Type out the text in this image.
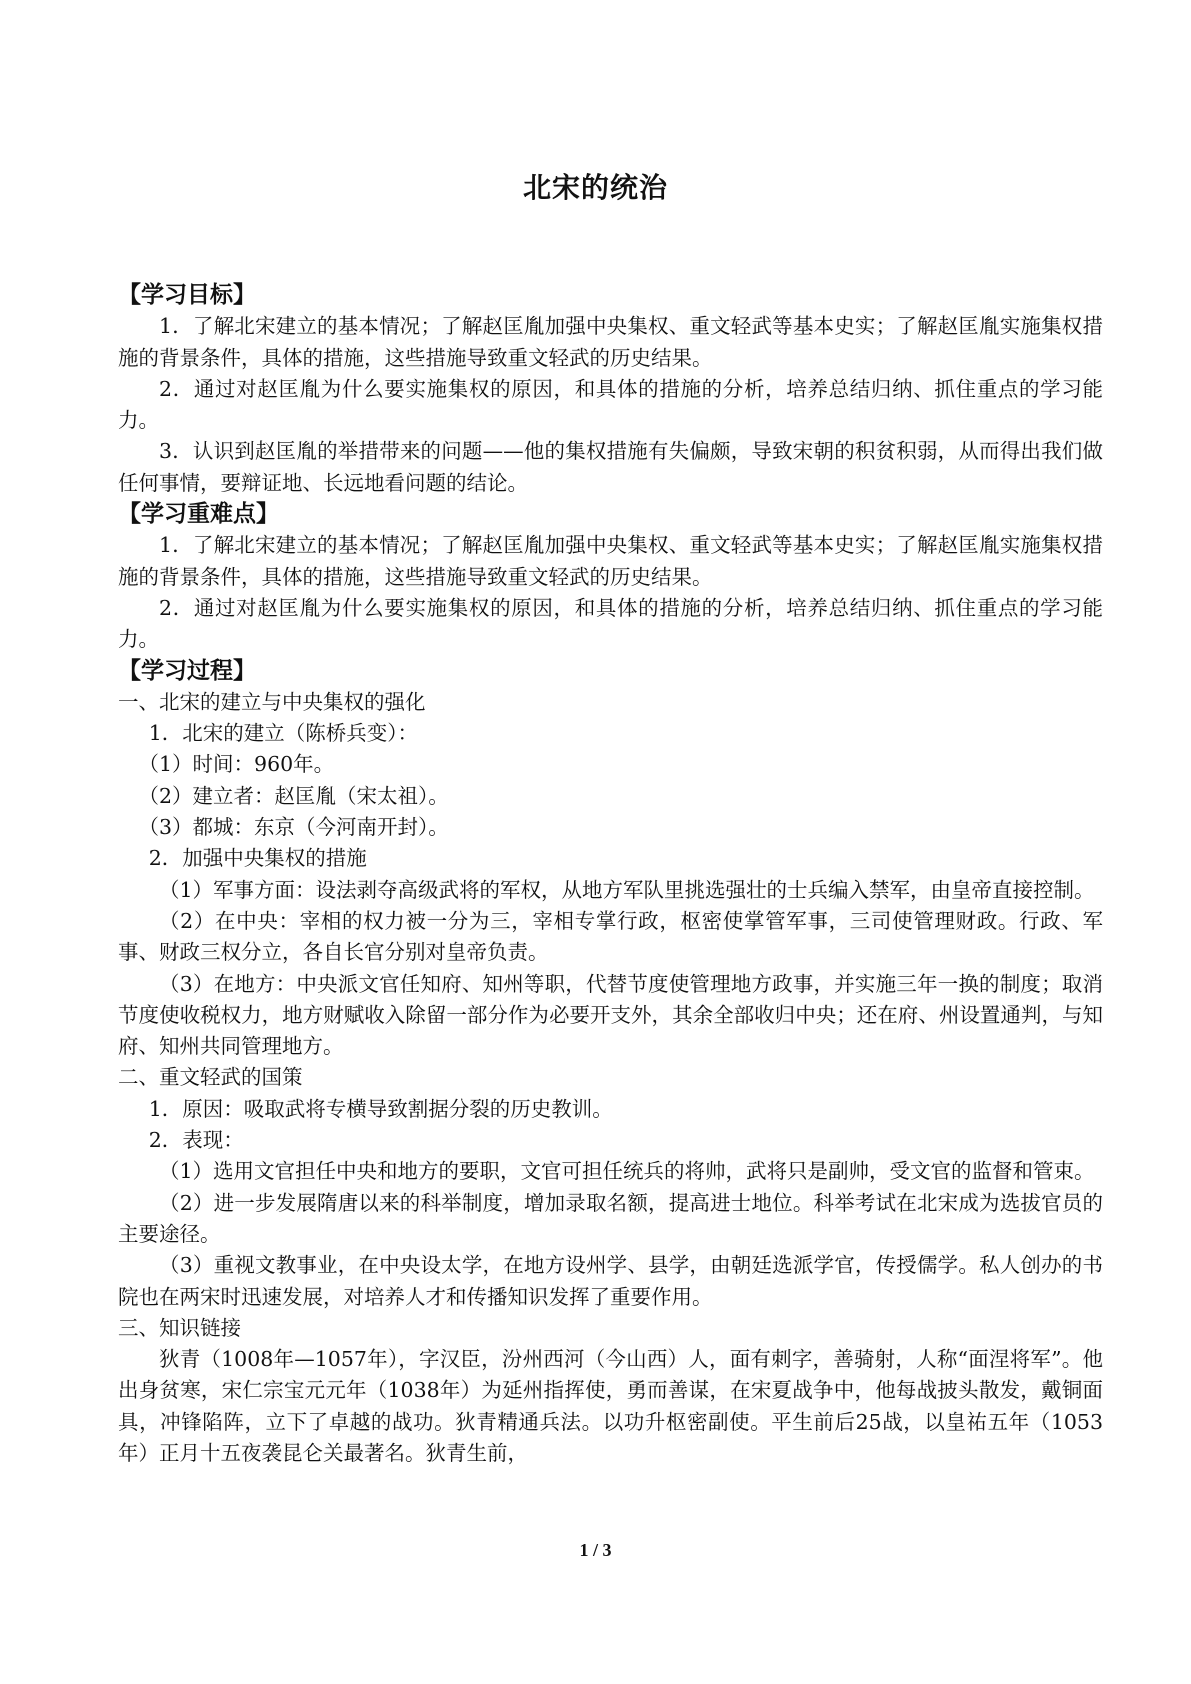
北宋的统治

【学习目标】

1．了解北宋建立的基本情况；了解赵匡胤加强中央集权、重文轻武等基本史实；了解赵匡胤实施集权措施的背景条件，具体的措施，这些措施导致重文轻武的历史结果。

2．通过对赵匡胤为什么要实施集权的原因，和具体的措施的分析，培养总结归纳、抓住重点的学习能力。

3．认识到赵匡胤的举措带来的问题——他的集权措施有失偏颇，导致宋朝的积贫积弱，从而得出我们做任何事情，要辩证地、长远地看问题的结论。

【学习重难点】

1．了解北宋建立的基本情况；了解赵匡胤加强中央集权、重文轻武等基本史实；了解赵匡胤实施集权措施的背景条件，具体的措施，这些措施导致重文轻武的历史结果。

2．通过对赵匡胤为什么要实施集权的原因，和具体的措施的分析，培养总结归纳、抓住重点的学习能力。

【学习过程】

一、北宋的建立与中央集权的强化

1．北宋的建立（陈桥兵变）：

（1）时间：960年。

（2）建立者：赵匡胤（宋太祖）。

（3）都城：东京（今河南开封）。

2．加强中央集权的措施

（1）军事方面：设法剥夺高级武将的军权，从地方军队里挑选强壮的士兵编入禁军，由皇帝直接控制。

（2）在中央：宰相的权力被一分为三，宰相专掌行政，枢密使掌管军事，三司使管理财政。行政、军事、财政三权分立，各自长官分别对皇帝负责。

（3）在地方：中央派文官任知府、知州等职，代替节度使管理地方政事，并实施三年一换的制度；取消节度使收税权力，地方财赋收入除留一部分作为必要开支外，其余全部收归中央；还在府、州设置通判，与知府、知州共同管理地方。

二、重文轻武的国策

1．原因：吸取武将专横导致割据分裂的历史教训。

2．表现：

（1）选用文官担任中央和地方的要职，文官可担任统兵的将帅，武将只是副帅，受文官的监督和管束。

（2）进一步发展隋唐以来的科举制度，增加录取名额，提高进士地位。科举考试在北宋成为选拔官员的主要途径。

（3）重视文教事业，在中央设太学，在地方设州学、县学，由朝廷选派学官，传授儒学。私人创办的书院也在两宋时迅速发展，对培养人才和传播知识发挥了重要作用。

三、知识链接

狄青（1008年—1057年），字汉臣，汾州西河（今山西）人，面有刺字，善骑射，人称“面涅将军”。他出身贫寒，宋仁宗宝元元年（1038年）为延州指挥使，勇而善谋，在宋夏战争中，他每战披头散发，戴铜面具，冲锋陷阵，立下了卓越的战功。狄青精通兵法。以功升枢密副使。平生前后25战，以皇祐五年（1053年）正月十五夜袭昆仑关最著名。狄青生前，

1 / 3
